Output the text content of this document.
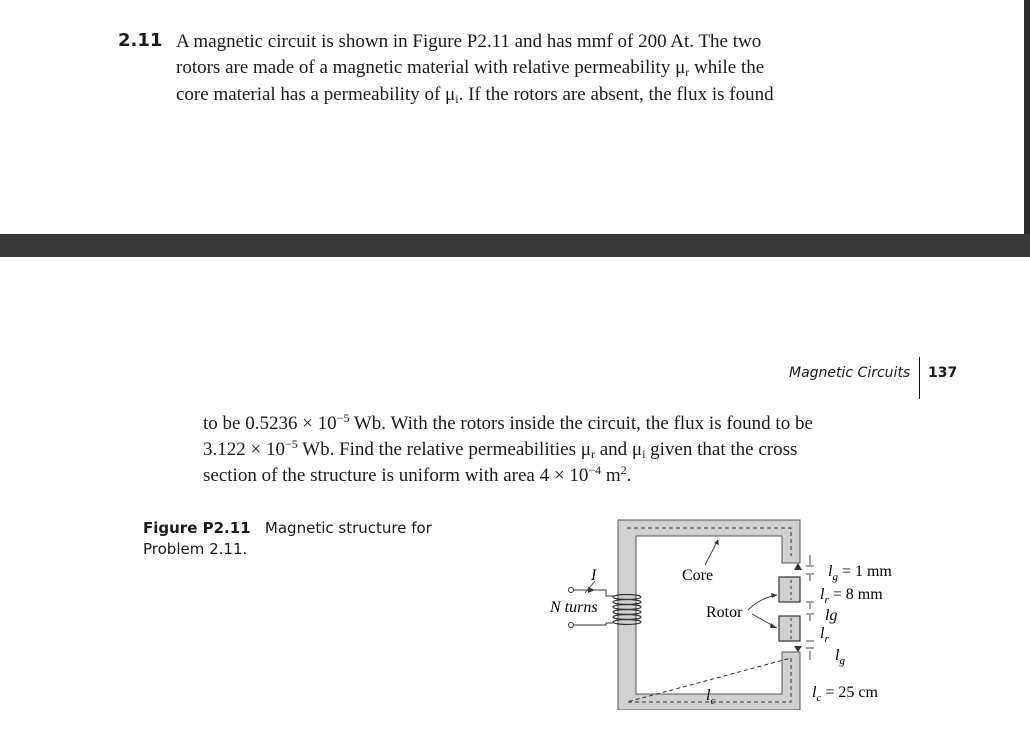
2.11 A magnetic circuit is shown in Figure P2.11 and has mmf of 200 At. The two
rotors are made of a magnetic material with relative permeability $\mu_r$ while the
core material has a permeability of $\mu_i$. If the rotors are absent, the flux is found
Magnetic Circuits 137
to be $0.5236 \times 10^{-5}$ Wb. With the rotors inside the circuit, the flux is found to be
$3.122 \times 10^{-5}$ Wb. Find the relative permeabilities $\mu_r$ and $\mu_i$ given that the cross
section of the structure is uniform with area $4 \times 10^{-4}$ $m^2$.
Figure P2.11 Magnetic structure for Problem 2.11.
I
N turns
Core
Rotor
$l_c$
$l_g = 1$ mm
$l_r = 8$ mm
lg
$l_r$
$l_g$
$l_c = 25$ cm
